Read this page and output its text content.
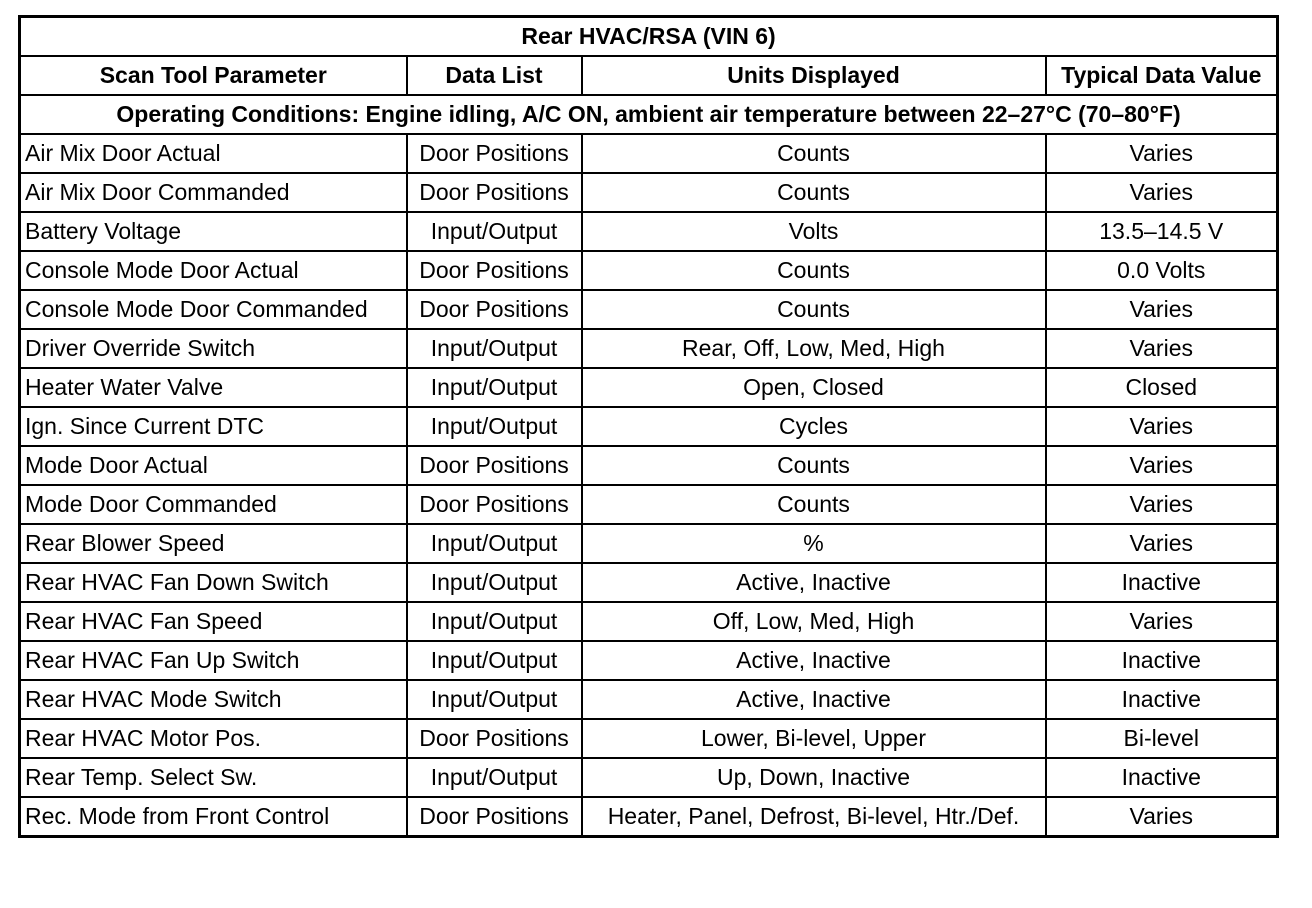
Rear HVAC/RSA (VIN 6)			
Scan Tool Parameter	Data List	Units Displayed	Typical Data Value
Operating Conditions: Engine idling, A/C ON, ambient air temperature between 22–27°C (70–80°F)			
Air Mix Door Actual	Door Positions	Counts	Varies
Air Mix Door Commanded	Door Positions	Counts	Varies
Battery Voltage	Input/Output	Volts	13.5–14.5 V
Console Mode Door Actual	Door Positions	Counts	0.0 Volts
Console Mode Door Commanded	Door Positions	Counts	Varies
Driver Override Switch	Input/Output	Rear, Off, Low, Med, High	Varies
Heater Water Valve	Input/Output	Open, Closed	Closed
Ign. Since Current DTC	Input/Output	Cycles	Varies
Mode Door Actual	Door Positions	Counts	Varies
Mode Door Commanded	Door Positions	Counts	Varies
Rear Blower Speed	Input/Output	%	Varies
Rear HVAC Fan Down Switch	Input/Output	Active, Inactive	Inactive
Rear HVAC Fan Speed	Input/Output	Off, Low, Med, High	Varies
Rear HVAC Fan Up Switch	Input/Output	Active, Inactive	Inactive
Rear HVAC Mode Switch	Input/Output	Active, Inactive	Inactive
Rear HVAC Motor Pos.	Door Positions	Lower, Bi-level, Upper	Bi-level
Rear Temp. Select Sw.	Input/Output	Up, Down, Inactive	Inactive
Rec. Mode from Front Control	Door Positions	Heater, Panel, Defrost, Bi-level, Htr./Def.	Varies
